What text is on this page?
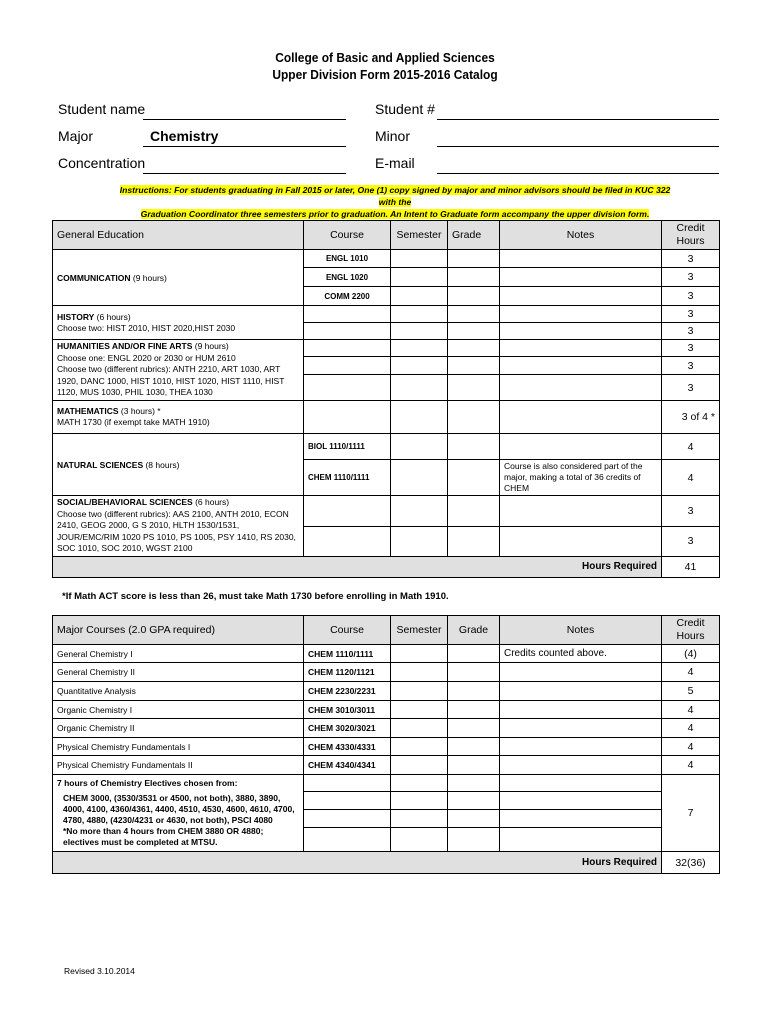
College of Basic and Applied Sciences
Upper Division Form 2015-2016 Catalog
Student name	Student #
Major	Chemistry	Minor
Concentration	E-mail
Instructions: For students graduating in Fall 2015 or later, One (1) copy signed by major and minor advisors should be filed in KUC 322 with the
Graduation Coordinator three semesters prior to graduation. An Intent to Graduate form accompany the upper division form.
General Education	Course	Semester	Grade	Notes	Credit
Hours
COMMUNICATION (9 hours)	ENGL 1010				3
	ENGL 1020				3
	COMM 2200				3
HISTORY (6 hours)
Choose two: HIST 2010, HIST 2020,HIST 2030					3
					3
HUMANITIES AND/OR FINE ARTS (9 hours)
Choose one: ENGL 2020 or 2030 or HUM 2610
Choose two (different rubrics): ANTH 2210, ART 1030, ART 1920, DANC 1000, HIST 1010, HIST 1020, HIST 1110, HIST 1120, MUS 1030, PHIL 1030, THEA 1030					3
					3
					3
MATHEMATICS (3 hours) *
MATH 1730 (if exempt take MATH 1910)					3 of 4 *
NATURAL SCIENCES (8 hours)	BIOL 1110/1111				4
	CHEM 1110/1111			Course is also considered part of the major, making a total of 36 credits of CHEM	4
SOCIAL/BEHAVIORAL SCIENCES (6 hours)
Choose two (different rubrics): AAS 2100, ANTH 2010, ECON 2410, GEOG 2000, G S 2010, HLTH 1530/1531, JOUR/EMC/RIM 1020 PS 1010, PS 1005, PSY 1410, RS 2030, SOC 1010, SOC 2010, WGST 2100					3
					3
Hours Required					41
*If Math ACT score is less than 26, must take Math 1730 before enrolling in Math 1910.
Major Courses (2.0 GPA required)	Course	Semester	Grade	Notes	Credit
Hours
General Chemistry I	CHEM 1110/1111			Credits counted above.	(4)
General Chemistry II	CHEM 1120/1121				4
Quantitative Analysis	CHEM 2230/2231				5
Organic Chemistry I	CHEM 3010/3011				4
Organic Chemistry II	CHEM 3020/3021				4
Physical Chemistry Fundamentals I	CHEM 4330/4331				4
Physical Chemistry Fundamentals II	CHEM 4340/4341				4
7 hours of Chemistry Electives chosen from:					7
CHEM 3000, (3530/3531 or 4500, not both), 3880, 3890, 4000, 4100, 4360/4361, 4400, 4510, 4530, 4600, 4610, 4700, 4780, 4880, (4230/4231 or 4630, not both), PSCI 4080
*No more than 4 hours from CHEM 3880 OR 4880; electives must be completed at MTSU.					

Hours Required					32(36)
Revised 3.10.2014
